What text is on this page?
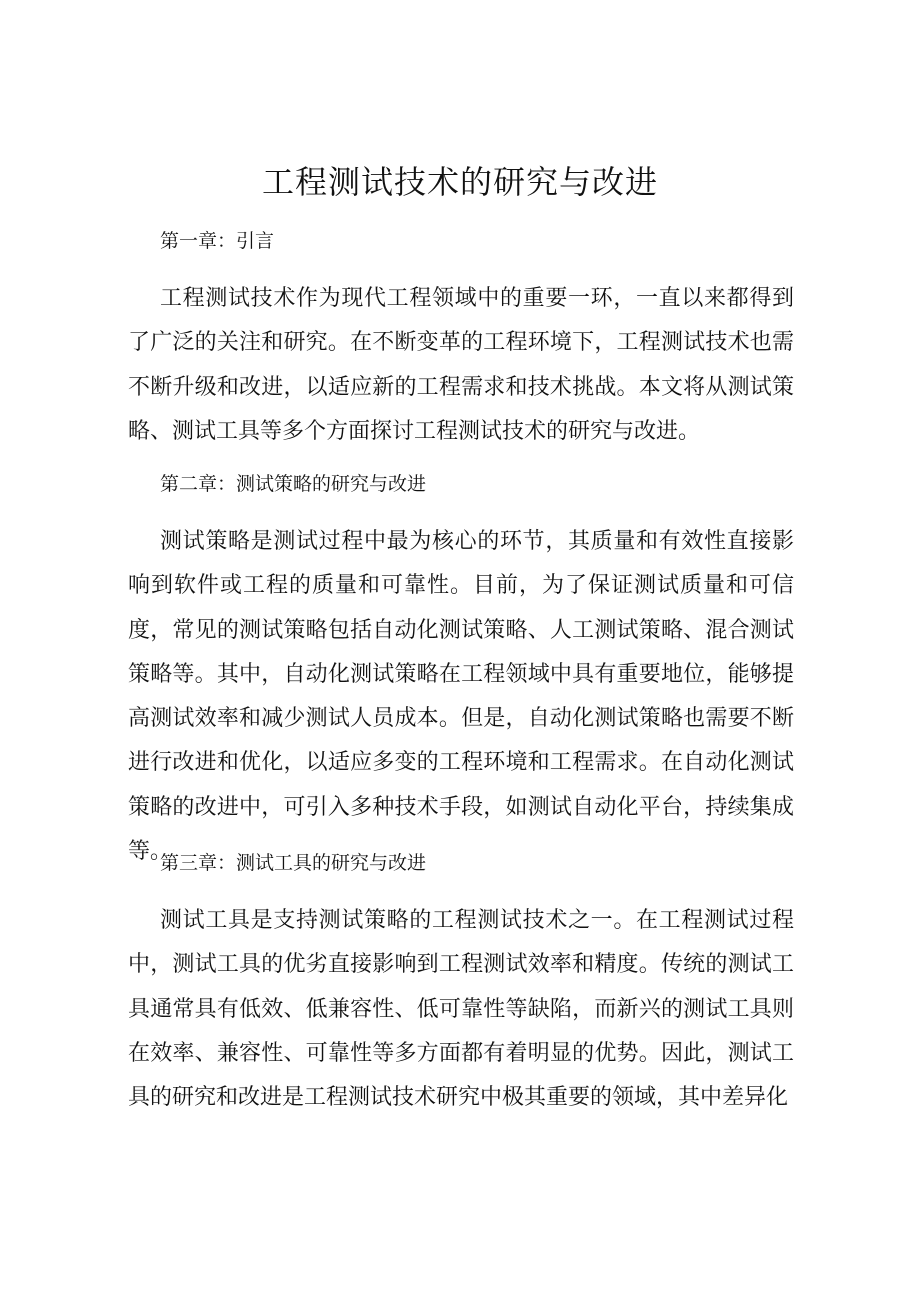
工程测试技术的研究与改进
第一章：引言

工程测试技术作为现代工程领域中的重要一环，一直以来都得到了广泛的关注和研究。在不断变革的工程环境下，工程测试技术也需不断升级和改进，以适应新的工程需求和技术挑战。本文将从测试策略、测试工具等多个方面探讨工程测试技术的研究与改进。

第二章：测试策略的研究与改进

测试策略是测试过程中最为核心的环节，其质量和有效性直接影响到软件或工程的质量和可靠性。目前，为了保证测试质量和可信度，常见的测试策略包括自动化测试策略、人工测试策略、混合测试策略等。其中，自动化测试策略在工程领域中具有重要地位，能够提高测试效率和减少测试人员成本。但是，自动化测试策略也需要不断进行改进和优化，以适应多变的工程环境和工程需求。在自动化测试策略的改进中，可引入多种技术手段，如测试自动化平台，持续集成等。

第三章：测试工具的研究与改进

测试工具是支持测试策略的工程测试技术之一。在工程测试过程中，测试工具的优劣直接影响到工程测试效率和精度。传统的测试工具通常具有低效、低兼容性、低可靠性等缺陷，而新兴的测试工具则在效率、兼容性、可靠性等多方面都有着明显的优势。因此，测试工具的研究和改进是工程测试技术研究中极其重要的领域，其中差异化
